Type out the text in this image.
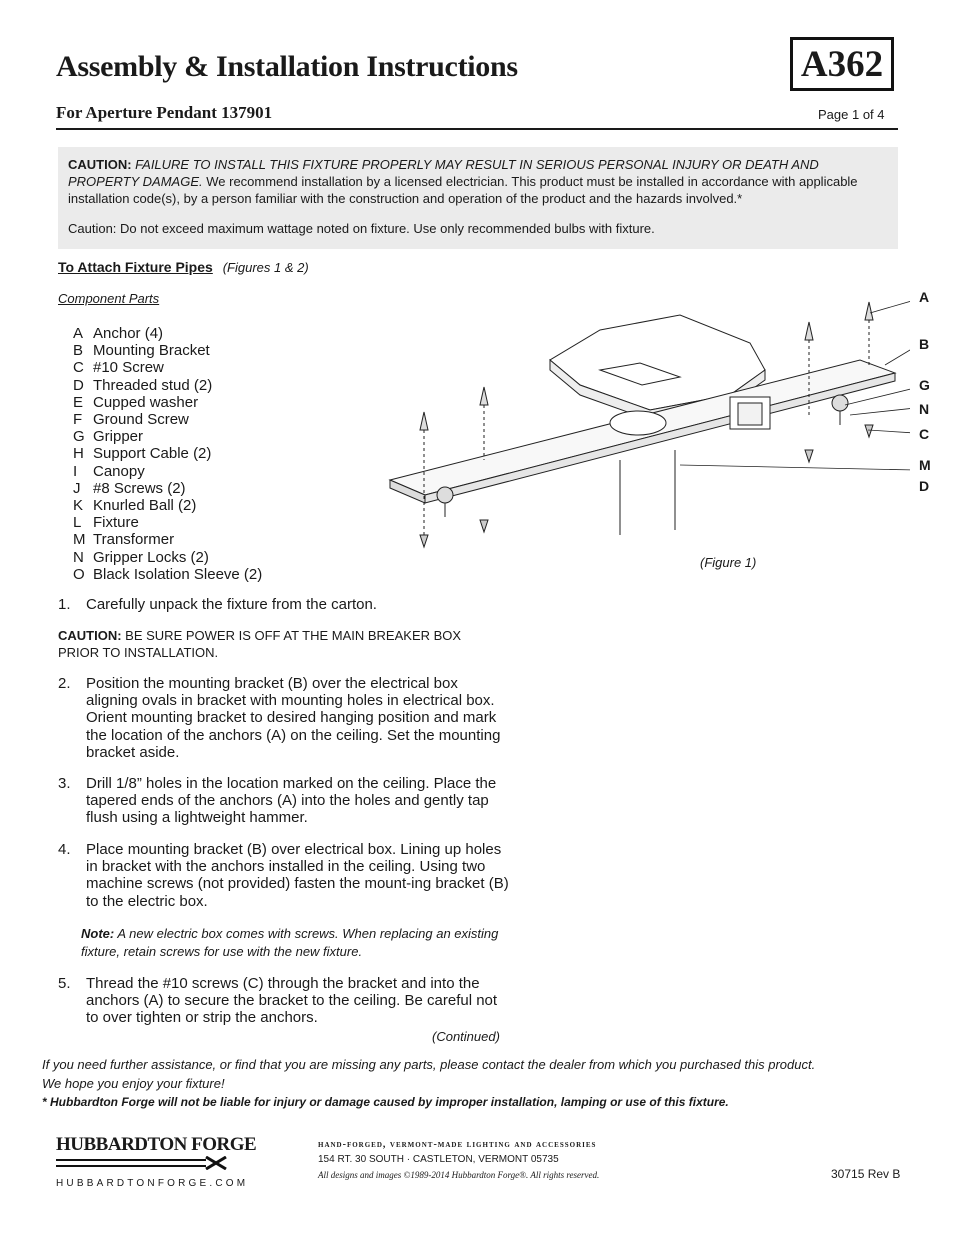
Assembly & Installation Instructions
For Aperture Pendant 137901
A362
Page 1 of 4

CAUTION: FAILURE TO INSTALL THIS FIXTURE PROPERLY MAY RESULT IN SERIOUS PERSONAL INJURY OR DEATH AND PROPERTY DAMAGE. We recommend installation by a licensed electrician. This product must be installed in accordance with applicable installation code(s), by a person familiar with the construction and operation of the product and the hazards involved.*

Caution: Do not exceed maximum wattage noted on fixture. Use only recommended bulbs with fixture.

To Attach Fixture Pipes (Figures 1 & 2)
Component Parts
A Anchor (4)
B Mounting Bracket
C #10 Screw
D Threaded stud (2)
E Cupped washer
F Ground Screw
G Gripper
H Support Cable (2)
I Canopy
J #8 Screws (2)
K Knurled Ball (2)
L Fixture
M Transformer
N Gripper Locks (2)
O Black Isolation Sleeve (2)
1. Carefully unpack the fixture from the carton.
CAUTION: BE SURE POWER IS OFF AT THE MAIN BREAKER BOX PRIOR TO INSTALLATION.
2. Position the mounting bracket (B) over the electrical box aligning ovals in bracket with mounting holes in electrical box. Orient mounting bracket to desired hanging position and mark the location of the anchors (A) on the ceiling. Set the mounting bracket aside.
3. Drill 1/8” holes in the location marked on the ceiling. Place the tapered ends of the anchors (A) into the holes and gently tap flush using a lightweight hammer.
4. Place mounting bracket (B) over electrical box. Lining up holes in bracket with the anchors installed in the ceiling. Using two machine screws (not provided) fasten the mount-ing bracket (B) to the electric box.
Note: A new electric box comes with screws. When replacing an existing fixture, retain screws for use with the new fixture.
5. Thread the #10 screws (C) through the bracket and into the anchors (A) to secure the bracket to the ceiling. Be careful not to over tighten or strip the anchors.
(Continued)
A
B
G
N
C
M
D
(Figure 1)
If you need further assistance, or find that you are missing any parts, please contact the dealer from which you purchased this product.
We hope you enjoy your fixture!
* Hubbardton Forge will not be liable for injury or damage caused by improper installation, lamping or use of this fixture.
HUBBARDTON FORGE
HUBBARDTONFORGE.COM
hand-forged, vermont-made lighting and accessories
154 RT. 30 SOUTH · CASTLETON, VERMONT 05735
All designs and images ©1989-2014 Hubbardton Forge®. All rights reserved.	30715 Rev B
